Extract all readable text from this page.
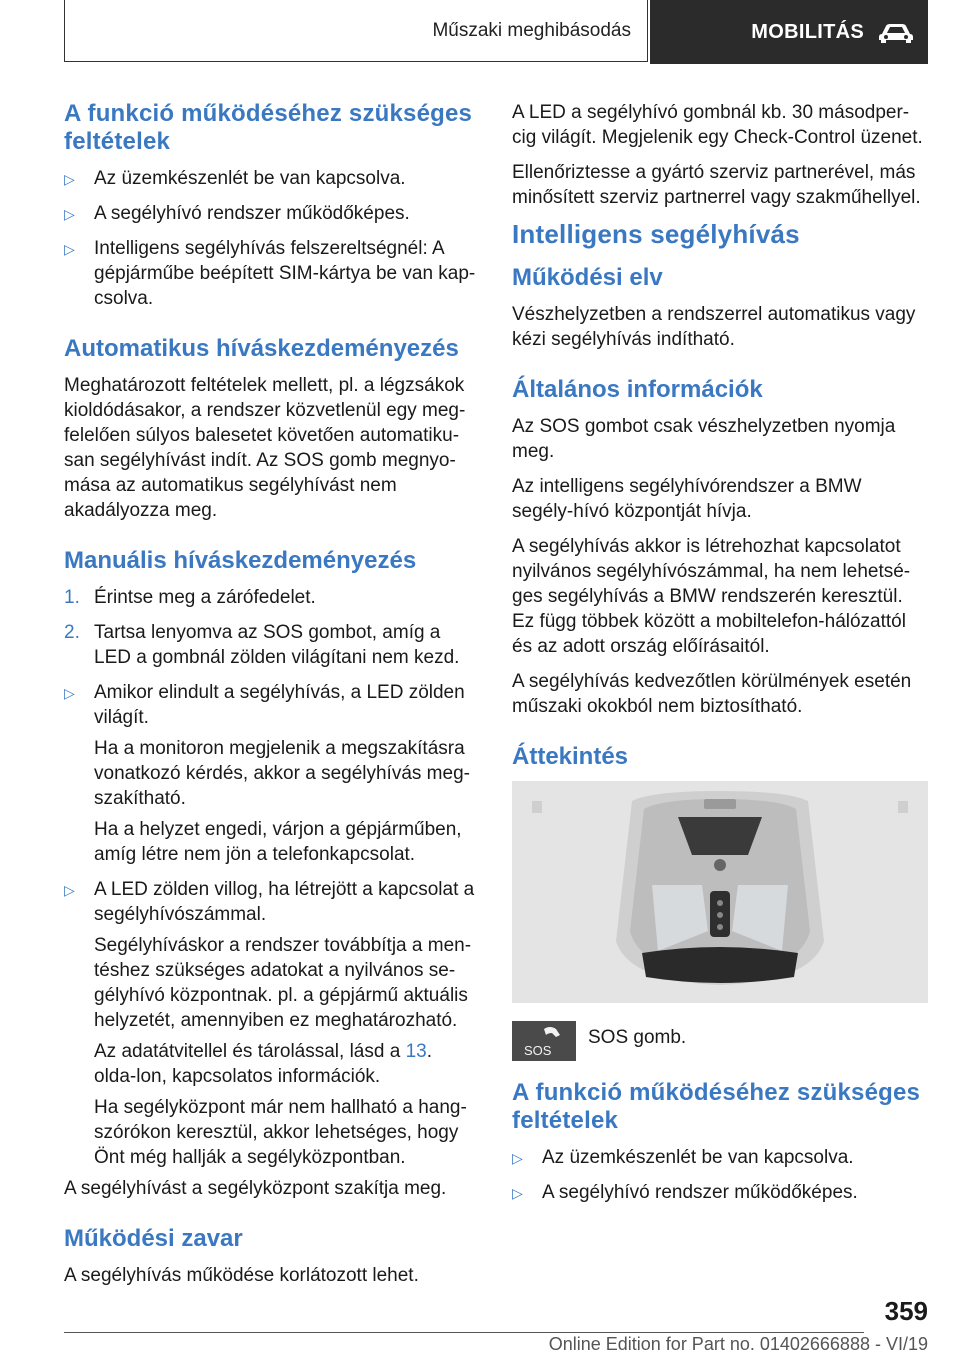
Műszaki meghibásodás	MOBILITÁS
A funkció működéséhez szükséges feltételek
▷ Az üzemkészenlét be van kapcsolva.
▷ A segélyhívó rendszer működőképes.
▷ Intelligens segélyhívás felszereltségnél: A gépjárműbe beépített SIM-kártya be van kap-csolva.
Automatikus híváskezdeményezés

Meghatározott feltételek mellett, pl. a légzsákok kioldódásakor, a rendszer közvetlenül egy meg-felelően súlyos balesetet követően automatiku-san segélyhívást indít. Az SOS gomb megnyo-mása az automatikus segélyhívást nem akadályozza meg.

Manuális híváskezdeményezés
1. Érintse meg a zárófedelet.
2. Tartsa lenyomva az SOS gombot, amíg a LED a gombnál zölden világítani nem kezd.
▷ Amikor elindult a segélyhívás, a LED zölden világít.

Ha a monitoron megjelenik a megszakításra vonatkozó kérdés, akkor a segélyhívás meg-szakítható.

Ha a helyzet engedi, várjon a gépjárműben, amíg létre nem jön a telefonkapcsolat.

▷ A LED zölden villog, ha létrejött a kapcsolat a segélyhívószámmal.

Segélyhíváskor a rendszer továbbítja a men-téshez szükséges adatokat a nyilvános se-gélyhívó központnak. pl. a gépjármű aktuális helyzetét, amennyiben ez meghatározható.

Az adatátvitellel és tárolással, lásd a 13. olda-lon, kapcsolatos információk.

Ha segélyközpont már nem hallható a hang-szórókon keresztül, akkor lehetséges, hogy Önt még hallják a segélyközpontban.

A segélyhívást a segélyközpont szakítja meg.

Működési zavar

A segélyhívás működése korlátozott lehet.

A LED a segélyhívó gombnál kb. 30 másodper-cig világít. Megjelenik egy Check-Control üzenet.

Ellenőriztesse a gyártó szerviz partnerével, más minősített szerviz partnerrel vagy szakműhellyel.

Intelligens segélyhívás
Működési elv

Vészhelyzetben a rendszerrel automatikus vagy kézi segélyhívás indítható.

Általános információk

Az SOS gombot csak vészhelyzetben nyomja meg.

Az intelligens segélyhívórendszer a BMW segély-hívó központját hívja.

A segélyhívás akkor is létrehozhat kapcsolatot nyilvános segélyhívószámmal, ha nem lehetsé-ges segélyhívás a BMW rendszerén keresztül. Ez függ többek között a mobiltelefon-hálózattól és az adott ország előírásaitól.

A segélyhívás kedvezőtlen körülmények esetén műszaki okokból nem biztosítható.

Áttekintés
SOS

SOS gomb.

A funkció működéséhez szükséges feltételek
▷ Az üzemkészenlét be van kapcsolva.
▷ A segélyhívó rendszer működőképes.
359
Online Edition for Part no. 01402666888 - VI/19
